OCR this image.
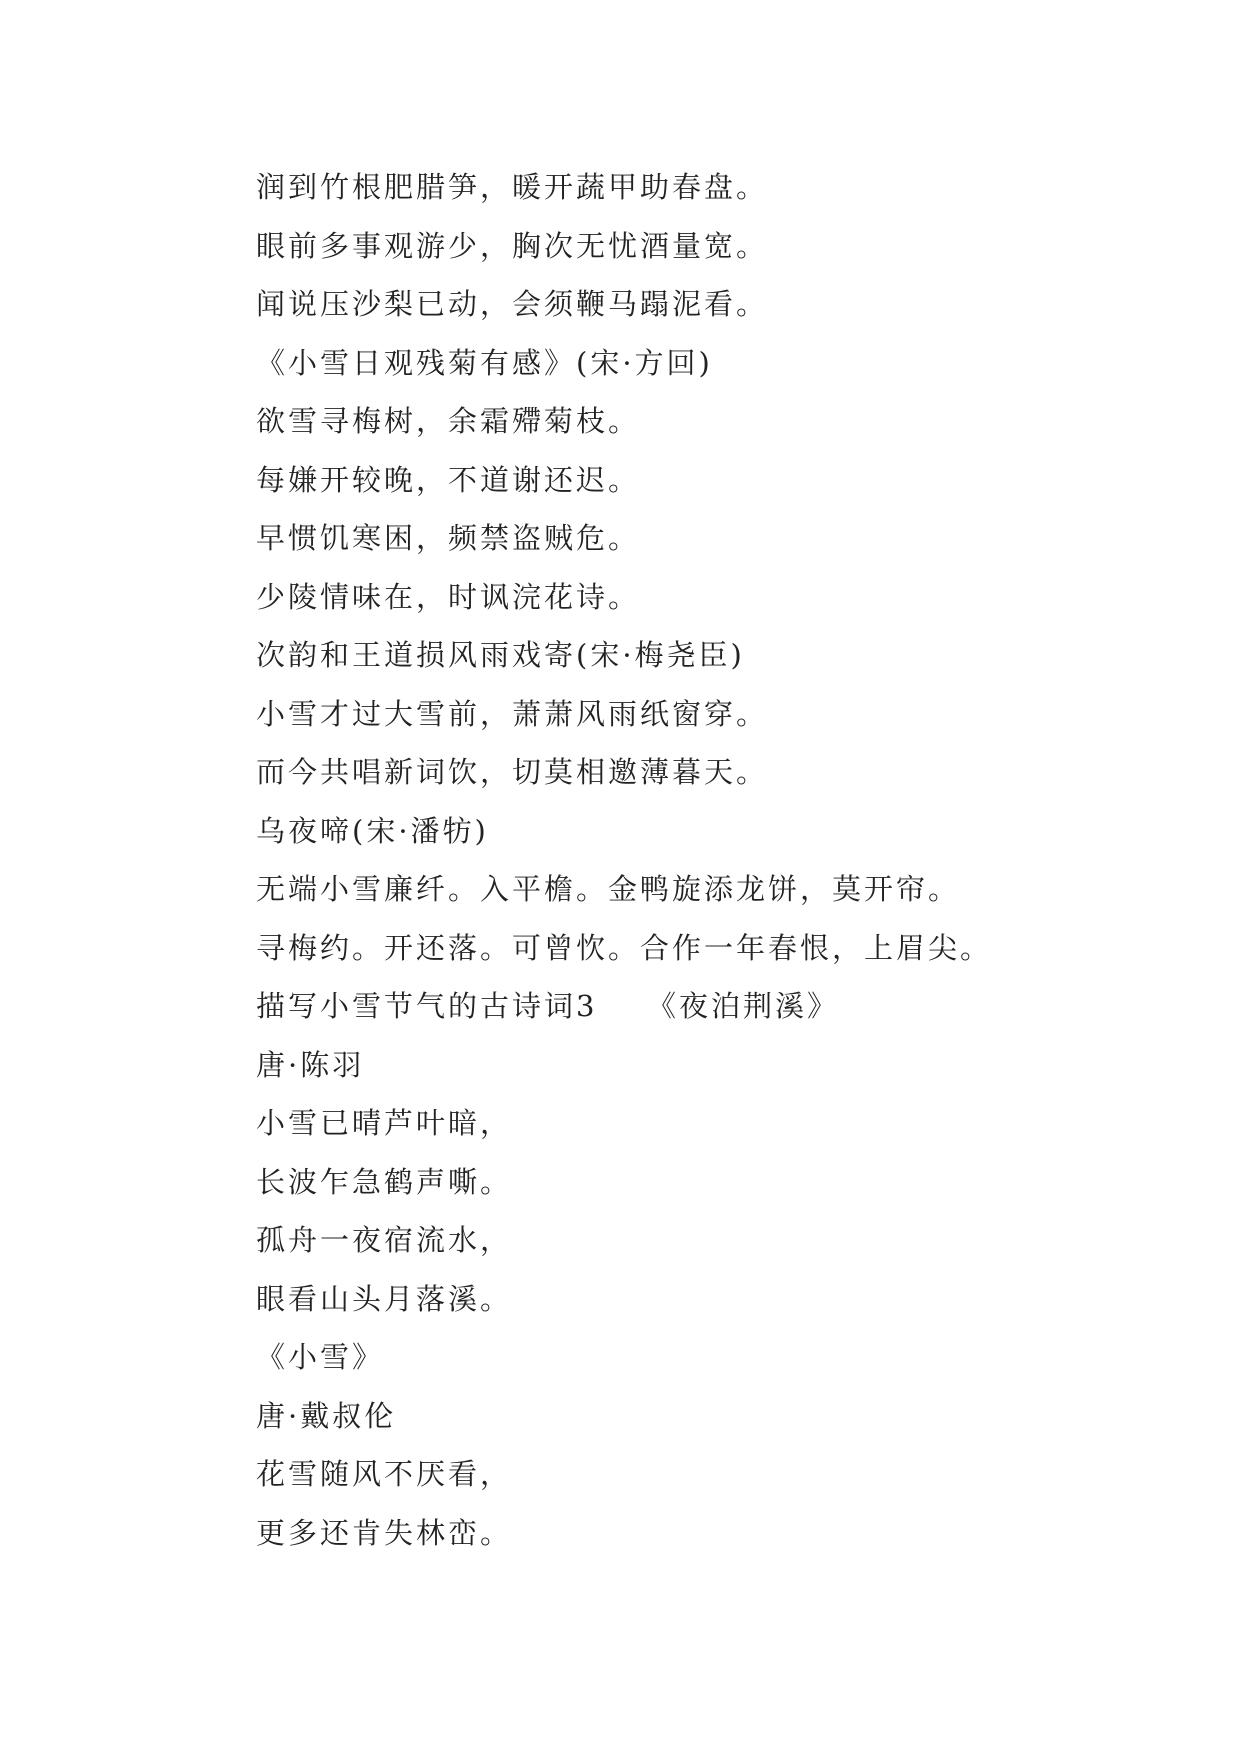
润到竹根肥腊笋，暖开蔬甲助春盘。
眼前多事观游少，胸次无忧酒量宽。
闻说压沙梨已动，会须鞭马蹋泥看。
《小雪日观残菊有感》(宋·方回)
欲雪寻梅树，余霜殢菊枝。
每嫌开较晚，不道谢还迟。
早惯饥寒困，频禁盗贼危。
少陵情味在，时讽浣花诗。
次韵和王道损风雨戏寄(宋·梅尧臣)
小雪才过大雪前，萧萧风雨纸窗穿。
而今共唱新词饮，切莫相邀薄暮天。
乌夜啼(宋·潘牥)
无端小雪廉纤。入平檐。金鸭旋添龙饼，莫开帘。
寻梅约。开还落。可曾忺。合作一年春恨，上眉尖。
描写小雪节气的古诗词3　　《夜泊荆溪》
唐·陈羽
小雪已晴芦叶暗，
长波乍急鹤声嘶。
孤舟一夜宿流水，
眼看山头月落溪。
《小雪》
唐·戴叔伦
花雪随风不厌看，
更多还肯失林峦。
